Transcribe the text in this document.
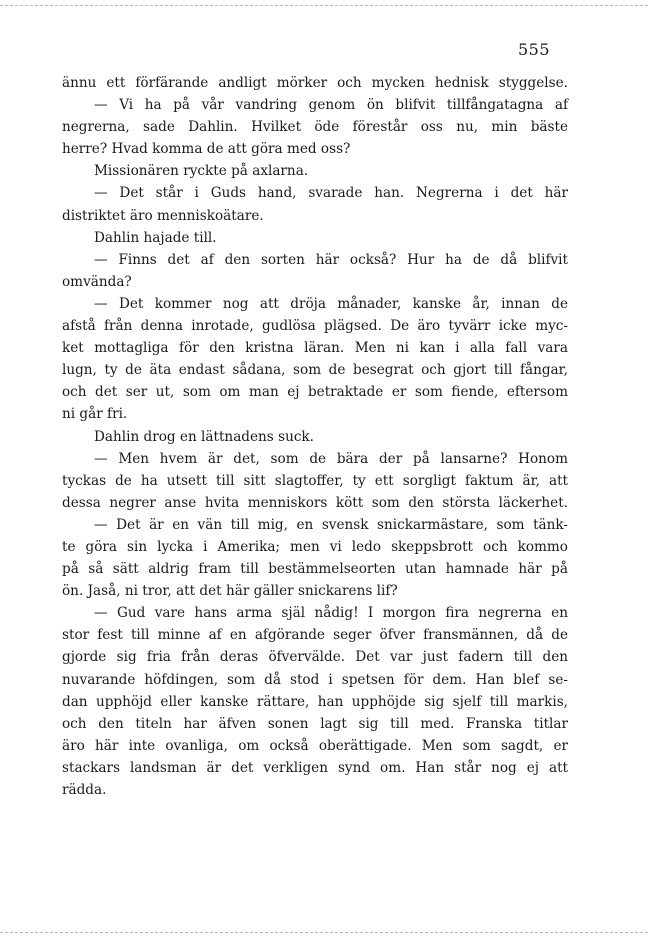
555
ännu ett förfärande andligt mörker och mycken hednisk styggelse.
— Vi ha på vår vandring genom ön blifvit tillfångatagna af
negrerna, sade Dahlin. Hvilket öde förestår oss nu, min bäste
herre? Hvad komma de att göra med oss?
Missionären ryckte på axlarna.
— Det står i Guds hand, svarade han. Negrerna i det här
distriktet äro menniskoätare.
Dahlin hajade till.
— Finns det af den sorten här också? Hur ha de då blifvit
omvända?
— Det kommer nog att dröja månader, kanske år, innan de
afstå från denna inrotade, gudlösa plägsed. De äro tyvärr icke myc-
ket mottagliga för den kristna läran. Men ni kan i alla fall vara
lugn, ty de äta endast sådana, som de besegrat och gjort till fångar,
och det ser ut, som om man ej betraktade er som fiende, eftersom
ni går fri.
Dahlin drog en lättnadens suck.
— Men hvem är det, som de bära der på lansarne? Honom
tyckas de ha utsett till sitt slagtoffer, ty ett sorgligt faktum är, att
dessa negrer anse hvita menniskors kött som den största läckerhet.
— Det är en vän till mig, en svensk snickarmästare, som tänk-
te göra sin lycka i Amerika; men vi ledo skeppsbrott och kommo
på så sätt aldrig fram till bestämmelseorten utan hamnade här på
ön. Jaså, ni tror, att det här gäller snickarens lif?
— Gud vare hans arma själ nådig! I morgon fira negrerna en
stor fest till minne af en afgörande seger öfver fransmännen, då de
gjorde sig fria från deras öfvervälde. Det var just fadern till den
nuvarande höfdingen, som då stod i spetsen för dem. Han blef se-
dan upphöjd eller kanske rättare, han upphöjde sig sjelf till markis,
och den titeln har äfven sonen lagt sig till med. Franska titlar
äro här inte ovanliga, om också oberättigade. Men som sagdt, er
stackars landsman är det verkligen synd om. Han står nog ej att
rädda.
